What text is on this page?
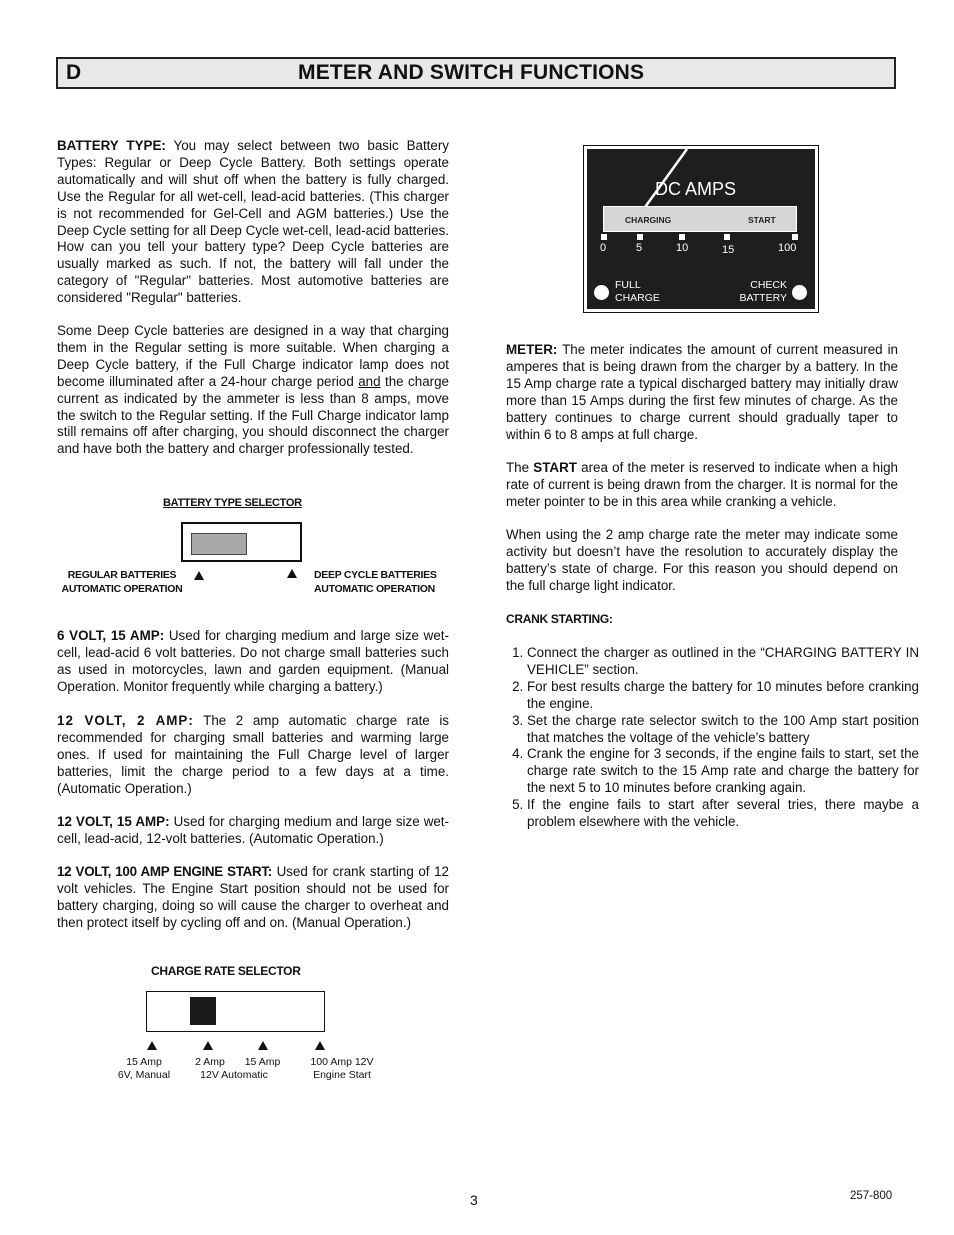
D	METER AND SWITCH FUNCTIONS

BATTERY TYPE: You may select between two basic Battery Types: Regular or Deep Cycle Battery. Both settings operate automatically and will shut off when the battery is fully charged. Use the Regular for all wet-cell, lead-acid batteries. (This charger is not recommended for Gel-Cell and AGM batteries.) Use the Deep Cycle setting for all Deep Cycle wet-cell, lead-acid batteries. How can you tell your battery type? Deep Cycle batteries are usually marked as such. If not, the battery will fall under the category of "Regular" batteries. Most automotive batteries are considered "Regular" batteries.

Some Deep Cycle batteries are designed in a way that charging them in the Regular setting is more suitable. When charging a Deep Cycle battery, if the Full Charge indicator lamp does not become illuminated after a 24-hour charge period and the charge current as indicated by the ammeter is less than 8 amps, move the switch to the Regular setting. If the Full Charge indicator lamp still remains off after charging, you should disconnect the charger and have both the battery and charger professionally tested.

BATTERY TYPE SELECTOR
REGULAR BATTERIES
AUTOMATIC OPERATION
DEEP CYCLE BATTERIES
AUTOMATIC OPERATION

6 VOLT, 15 AMP: Used for charging medium and large size wet-cell, lead-acid 6 volt batteries. Do not charge small batteries such as used in motorcycles, lawn and garden equipment. (Manual Operation. Monitor frequently while charging a battery.)

12 VOLT, 2 AMP: The 2 amp automatic charge rate is recommended for charging small batteries and warming large ones. If used for maintaining the Full Charge level of larger batteries, limit the charge period to a few days at a time. (Automatic Operation.)

12 VOLT, 15 AMP: Used for charging medium and large size wet-cell, lead-acid, 12-volt batteries. (Automatic Operation.)

12 VOLT, 100 AMP ENGINE START: Used for crank starting of 12 volt vehicles. The Engine Start position should not be used for battery charging, doing so will cause the charger to overheat and then protect itself by cycling off and on. (Manual Operation.)

CHARGE RATE SELECTOR
15 Amp
6V, Manual
2 Amp	15 Amp
12V Automatic
100 Amp 12V
Engine Start
DC AMPS
CHARGING	START
0	5	10	15	100
FULL
CHARGE
CHECK
BATTERY

METER: The meter indicates the amount of current measured in amperes that is being drawn from the charger by a battery. In the 15 Amp charge rate a typical discharged battery may initially draw more than 15 Amps during the first few minutes of charge. As the battery continues to charge current should gradually taper to within 6 to 8 amps at full charge.

The START area of the meter is reserved to indicate when a high rate of current is being drawn from the charger. It is normal for the meter pointer to be in this area while cranking a vehicle.

When using the 2 amp charge rate the meter may indicate some activity but doesn’t have the resolution to accurately display the battery’s state of charge. For this reason you should depend on the full charge light indicator.

CRANK STARTING:
1. Connect the charger as outlined in the “CHARGING BATTERY IN VEHICLE” section.
2. For best results charge the battery for 10 minutes before cranking the engine.
3. Set the charge rate selector switch to the 100 Amp start position that matches the voltage of the vehicle’s battery
4. Crank the engine for 3 seconds, if the engine fails to start, set the charge rate switch to the 15 Amp rate and charge the battery for the next 5 to 10 minutes before cranking again.
5. If the engine fails to start after several tries, there maybe a problem elsewhere with the vehicle.
3	257-800
